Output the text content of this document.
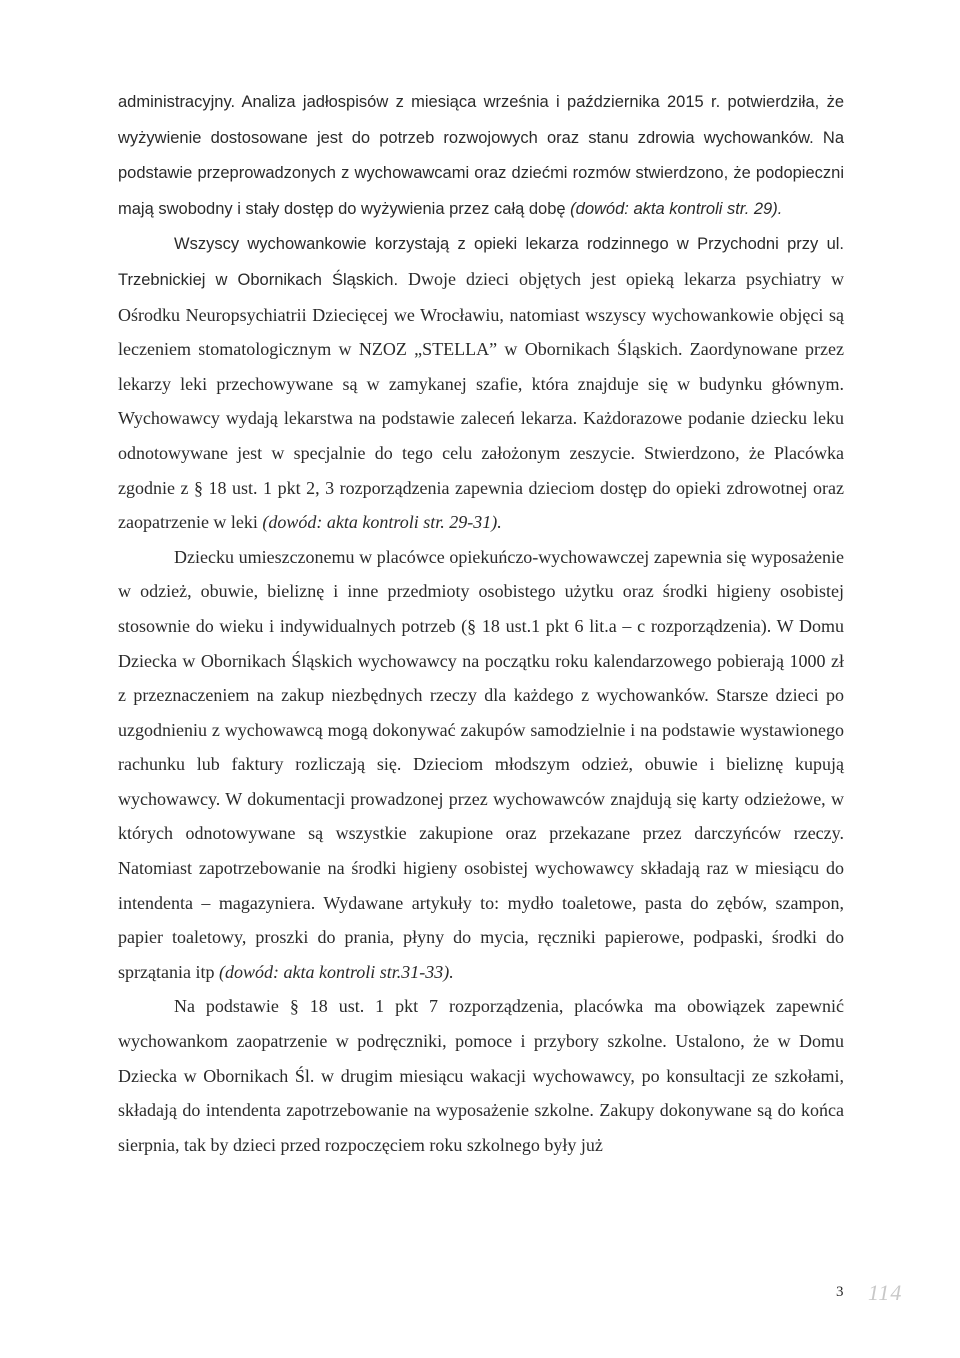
administracyjny. Analiza jadłospisów z miesiąca września i października 2015 r. potwierdziła, że wyżywienie dostosowane jest do potrzeb rozwojowych oraz stanu zdrowia wychowanków. Na podstawie przeprowadzonych z wychowawcami oraz dziećmi rozmów stwierdzono, że podopieczni mają swobodny i stały dostęp do wyżywienia przez całą dobę (dowód: akta kontroli str. 29).

Wszyscy wychowankowie korzystają z opieki lekarza rodzinnego w Przychodni przy ul. Trzebnickiej w Obornikach Śląskich. Dwoje dzieci objętych jest opieką lekarza psychiatry w Ośrodku Neuropsychiatrii Dziecięcej we Wrocławiu, natomiast wszyscy wychowankowie objęci są leczeniem stomatologicznym w NZOZ „STELLA” w Obornikach Śląskich. Zaordynowane przez lekarzy leki przechowywane są w zamykanej szafie, która znajduje się w budynku głównym. Wychowawcy wydają lekarstwa na podstawie zaleceń lekarza. Każdorazowe podanie dziecku leku odnotowywane jest w specjalnie do tego celu założonym zeszycie. Stwierdzono, że Placówka zgodnie z § 18 ust. 1 pkt 2, 3 rozporządzenia zapewnia dzieciom dostęp do opieki zdrowotnej oraz zaopatrzenie w leki (dowód: akta kontroli str. 29-31).

Dziecku umieszczonemu w placówce opiekuńczo-wychowawczej zapewnia się wyposażenie w odzież, obuwie, bieliznę i inne przedmioty osobistego użytku oraz środki higieny osobistej stosownie do wieku i indywidualnych potrzeb (§ 18 ust.1 pkt 6 lit.a – c rozporządzenia). W Domu Dziecka w Obornikach Śląskich wychowawcy na początku roku kalendarzowego pobierają 1000 zł z przeznaczeniem na zakup niezbędnych rzeczy dla każdego z wychowanków. Starsze dzieci po uzgodnieniu z wychowawcą mogą dokonywać zakupów samodzielnie i na podstawie wystawionego rachunku lub faktury rozliczają się. Dzieciom młodszym odzież, obuwie i bieliznę kupują wychowawcy. W dokumentacji prowadzonej przez wychowawców znajdują się karty odzieżowe, w których odnotowywane są wszystkie zakupione oraz przekazane przez darczyńców rzeczy. Natomiast zapotrzebowanie na środki higieny osobistej wychowawcy składają raz w miesiącu do intendenta – magazyniera. Wydawane artykuły to: mydło toaletowe, pasta do zębów, szampon, papier toaletowy, proszki do prania, płyny do mycia, ręczniki papierowe, podpaski, środki do sprzątania itp (dowód: akta kontroli str.31-33).

Na podstawie § 18 ust. 1 pkt 7 rozporządzenia, placówka ma obowiązek zapewnić wychowankom zaopatrzenie w podręczniki, pomoce i przybory szkolne. Ustalono, że w Domu Dziecka w Obornikach Śl. w drugim miesiącu wakacji wychowawcy, po konsultacji ze szkołami, składają do intendenta zapotrzebowanie na wyposażenie szkolne. Zakupy dokonywane są do końca sierpnia, tak by dzieci przed rozpoczęciem roku szkolnego były już

3 114
